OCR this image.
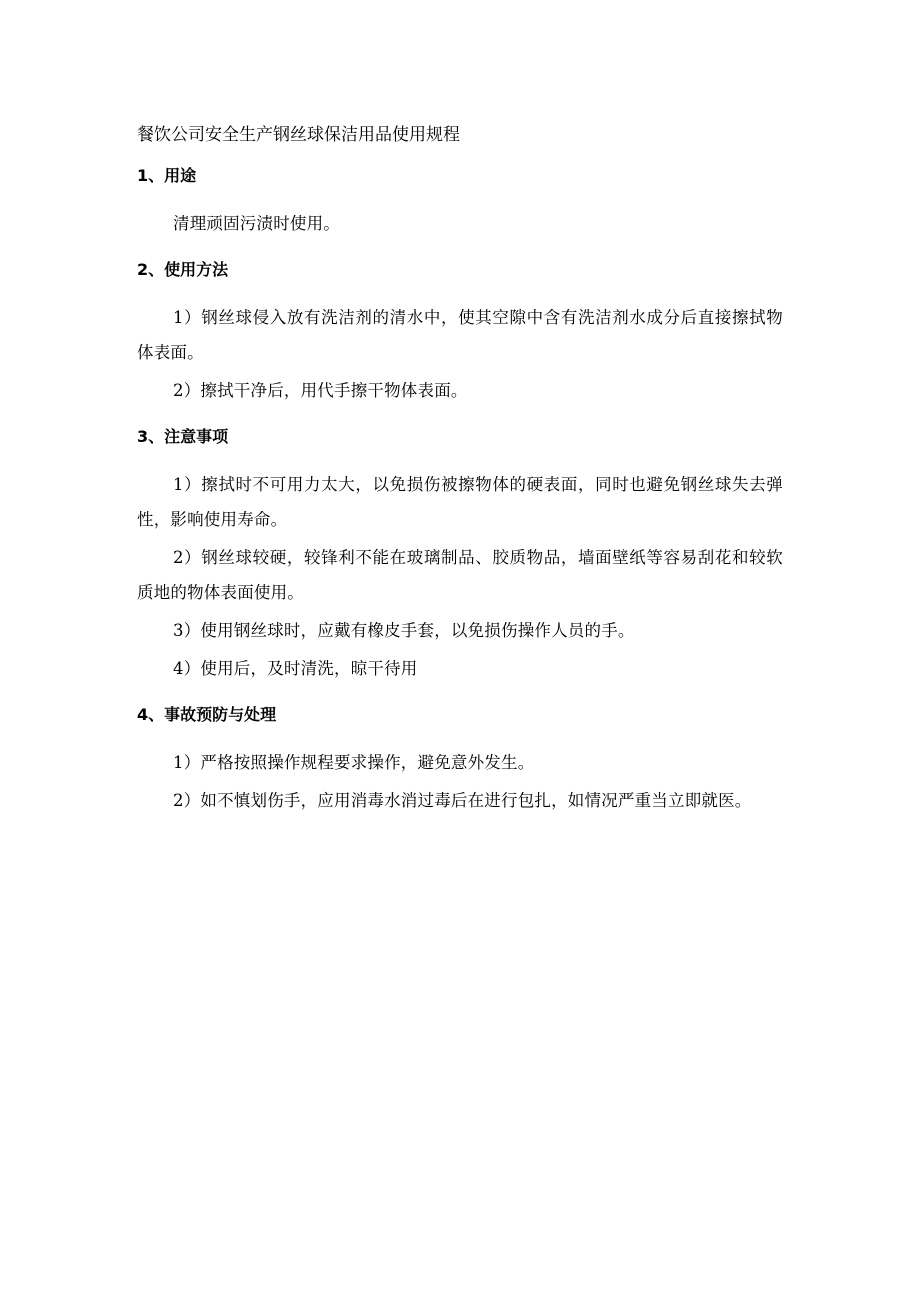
餐饮公司安全生产钢丝球保洁用品使用规程
1、用途

清理顽固污渍时使用。

2、使用方法

1）钢丝球侵入放有洗洁剂的清水中，使其空隙中含有洗洁剂水成分后直接擦拭物体表面。

2）擦拭干净后，用代手擦干物体表面。

3、注意事项

1）擦拭时不可用力太大，以免损伤被擦物体的硬表面，同时也避免钢丝球失去弹性，影响使用寿命。

2）钢丝球较硬，较锋利不能在玻璃制品、胶质物品，墙面壁纸等容易刮花和较软质地的物体表面使用。

3）使用钢丝球时，应戴有橡皮手套，以免损伤操作人员的手。

4）使用后，及时清洗，晾干待用

4、事故预防与处理

1）严格按照操作规程要求操作，避免意外发生。

2）如不慎划伤手，应用消毒水消过毒后在进行包扎，如情况严重当立即就医。
